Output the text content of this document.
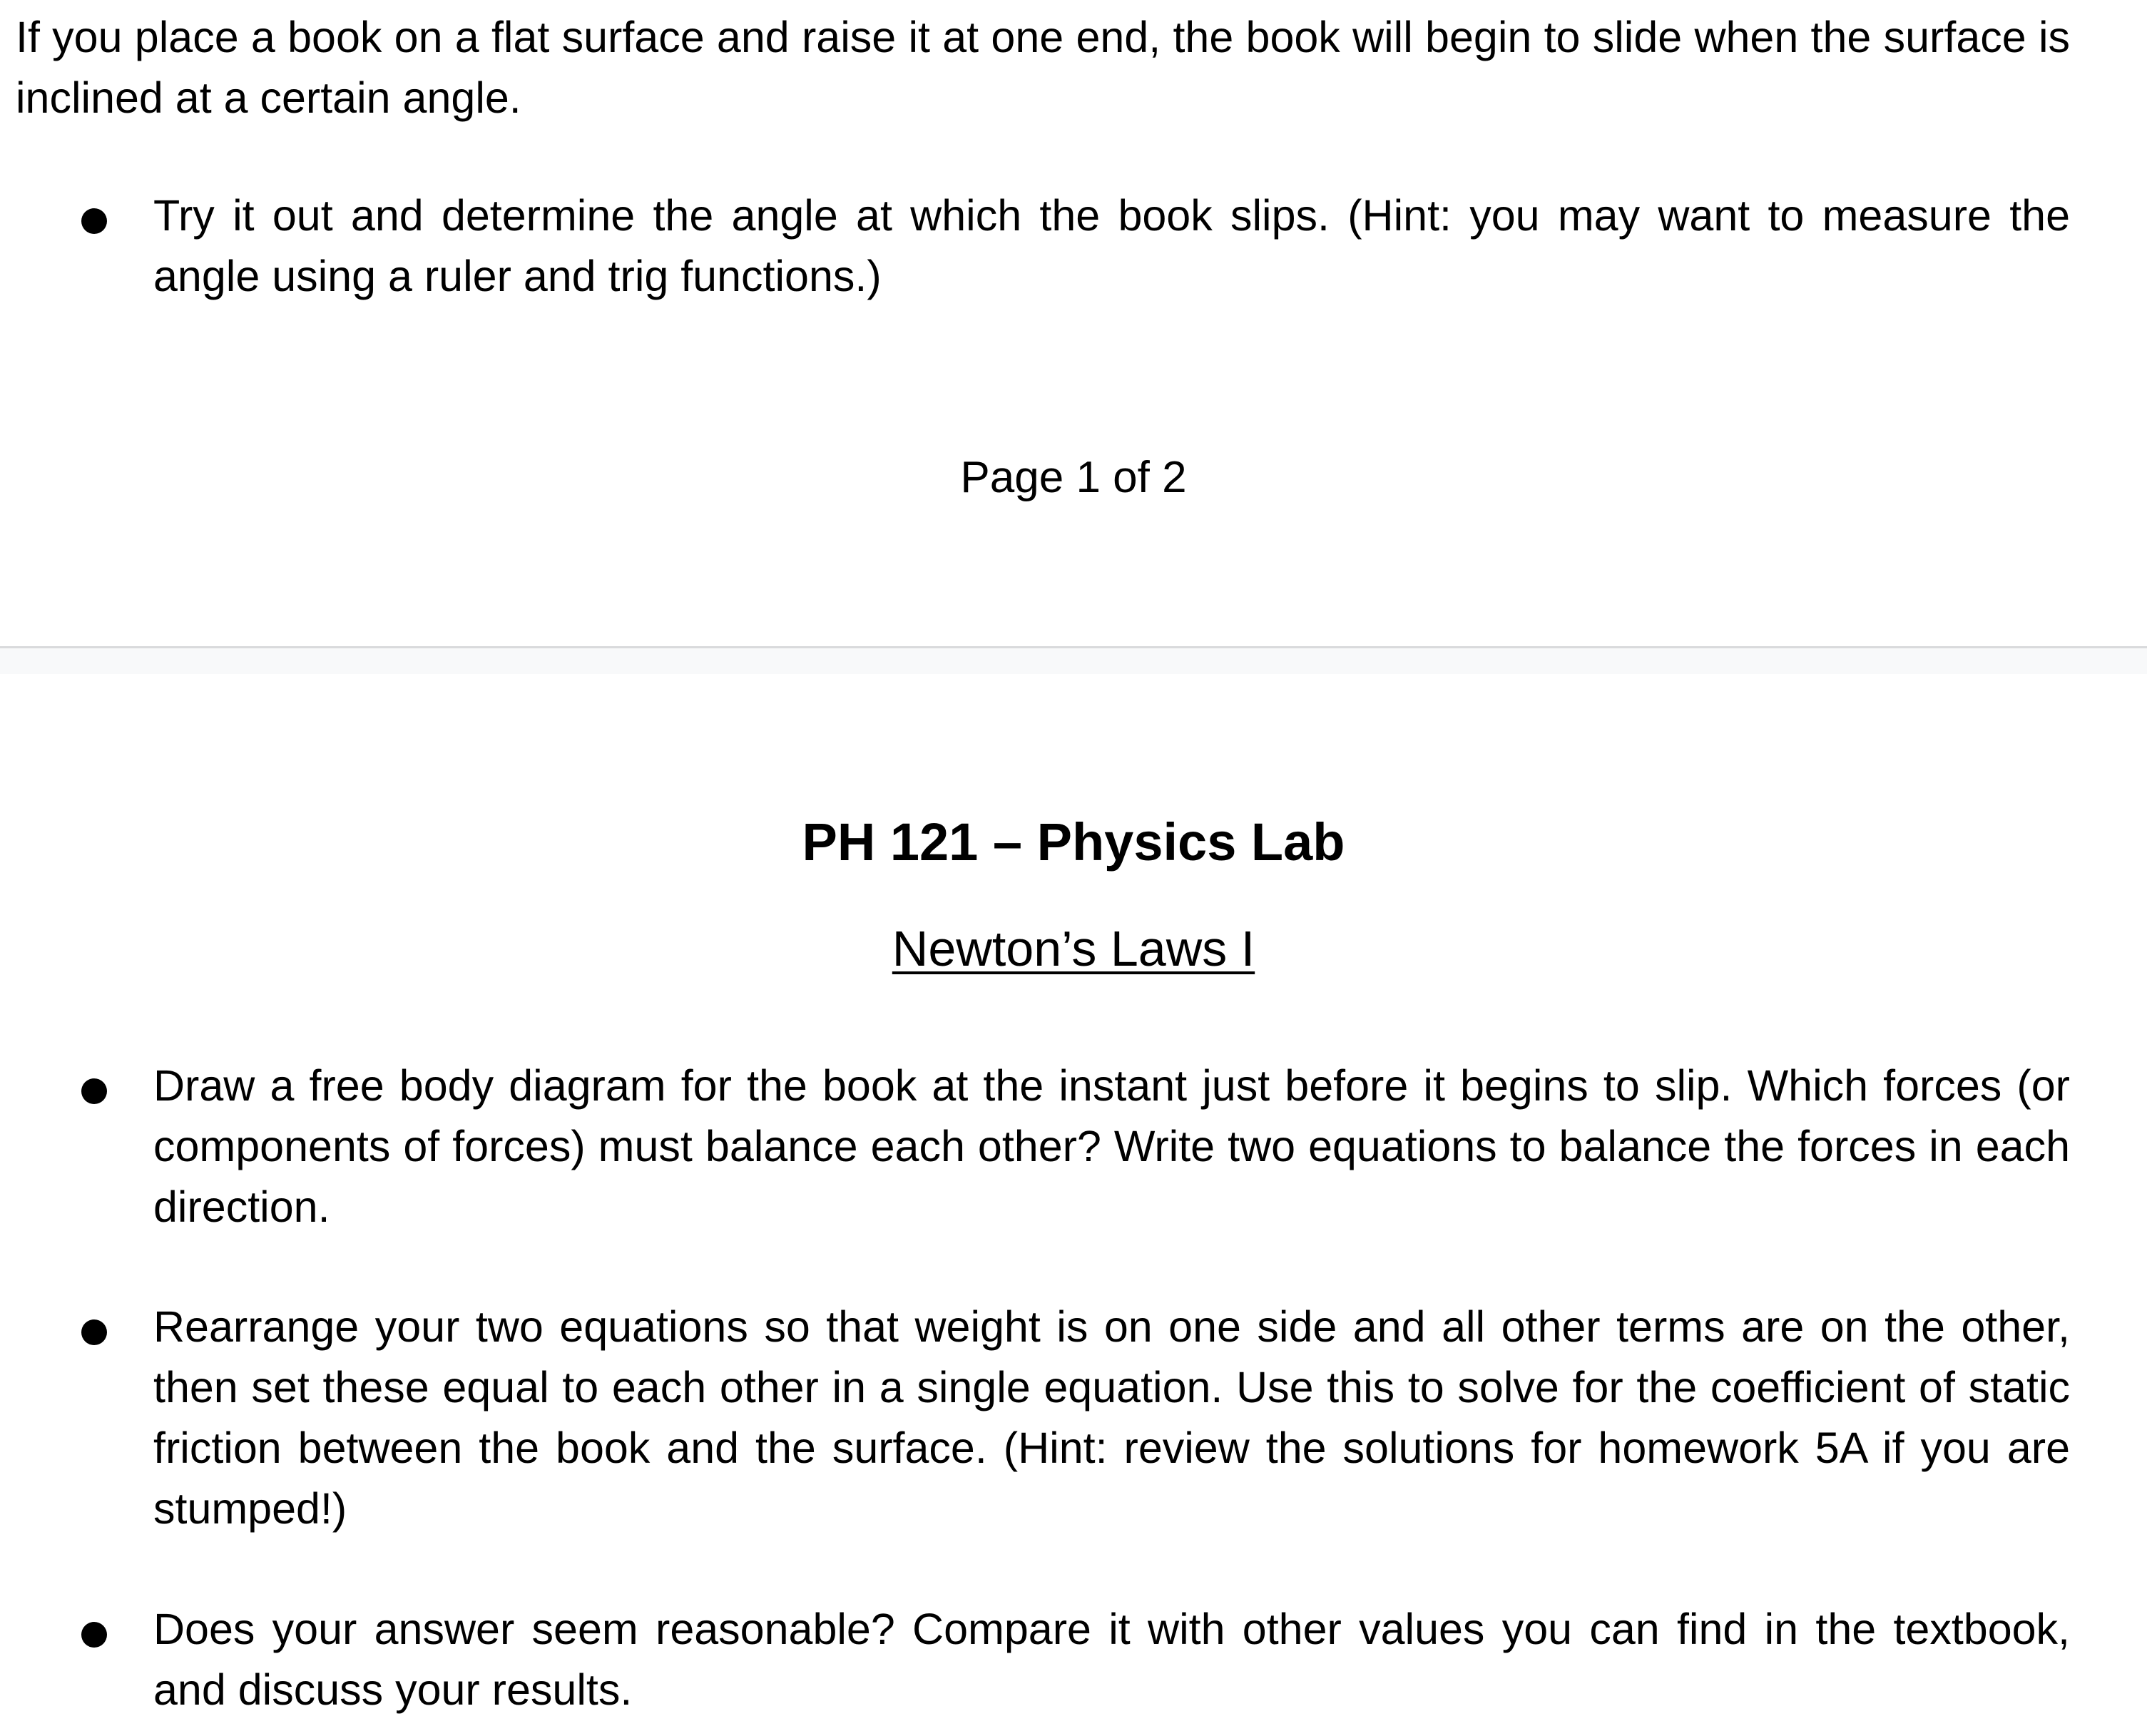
If you place a book on a flat surface and raise it at one end, the book will begin to slide when the surface is inclined at a certain angle.

Try it out and determine the angle at which the book slips. (Hint: you may want to measure the angle using a ruler and trig functions.)

Page 1 of 2

PH 121 – Physics Lab

Newton’s Laws I

Draw a free body diagram for the book at the instant just before it begins to slip. Which forces (or components of forces) must balance each other? Write two equations to balance the forces in each direction.

Rearrange your two equations so that weight is on one side and all other terms are on the other, then set these equal to each other in a single equation. Use this to solve for the coefficient of static friction between the book and the surface. (Hint: review the solutions for homework 5A if you are stumped!)

Does your answer seem reasonable? Compare it with other values you can find in the textbook, and discuss your results.
